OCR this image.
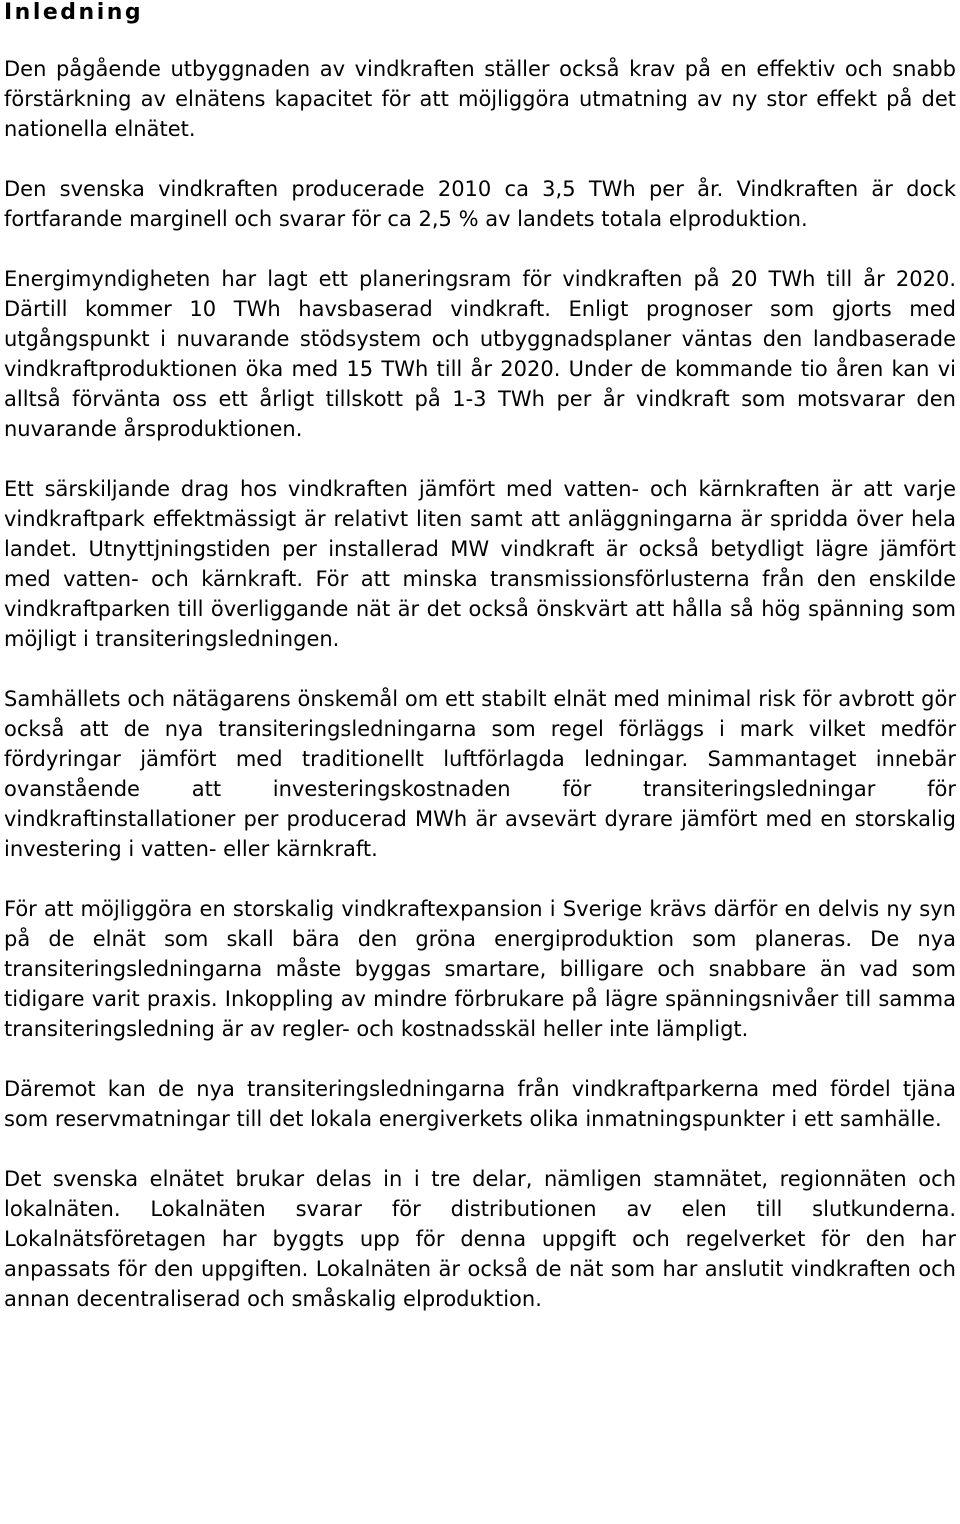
Inledning

Den pågående utbyggnaden av vindkraften ställer också krav på en effektiv och snabb förstärkning av elnätens kapacitet för att möjliggöra utmatning av ny stor effekt på det nationella elnätet.

Den svenska vindkraften producerade 2010 ca 3,5 TWh per år. Vindkraften är dock fortfarande marginell och svarar för ca 2,5 % av landets totala elproduktion.

Energimyndigheten har lagt ett planeringsram för vindkraften på 20 TWh till år 2020. Därtill kommer 10 TWh havsbaserad vindkraft. Enligt prognoser som gjorts med utgångspunkt i nuvarande stödsystem och utbyggnadsplaner väntas den landbaserade vindkraftproduktionen öka med 15 TWh till år 2020. Under de kommande tio åren kan vi alltså förvänta oss ett årligt tillskott på 1-3 TWh per år vindkraft som motsvarar den nuvarande årsproduktionen.

Ett särskiljande drag hos vindkraften jämfört med vatten- och kärnkraften är att varje vindkraftpark effektmässigt är relativt liten samt att anläggningarna är spridda över hela landet. Utnyttjningstiden per installerad MW vindkraft är också betydligt lägre jämfört med vatten- och kärnkraft. För att minska transmissionsförlusterna från den enskilde vindkraftparken till överliggande nät är det också önskvärt att hålla så hög spänning som möjligt i transiteringsledningen.

Samhällets och nätägarens önskemål om ett stabilt elnät med minimal risk för avbrott gör också att de nya transiteringsledningarna som regel förläggs i mark vilket medför fördyringar jämfört med traditionellt luftförlagda ledningar. Sammantaget innebär ovanstående att investeringskostnaden för transiteringsledningar för vindkraftinstallationer per producerad MWh är avsevärt dyrare jämfört med en storskalig investering i vatten- eller kärnkraft.

För att möjliggöra en storskalig vindkraftexpansion i Sverige krävs därför en delvis ny syn på de elnät som skall bära den gröna energiproduktion som planeras. De nya transiteringsledningarna måste byggas smartare, billigare och snabbare än vad som tidigare varit praxis. Inkoppling av mindre förbrukare på lägre spänningsnivåer till samma transiteringsledning är av regler- och kostnadsskäl heller inte lämpligt.

Däremot kan de nya transiteringsledningarna från vindkraftparkerna med fördel tjäna som reservmatningar till det lokala energiverkets olika inmatningspunkter i ett samhälle.

Det svenska elnätet brukar delas in i tre delar, nämligen stamnätet, regionnäten och lokalnäten. Lokalnäten svarar för distributionen av elen till slutkunderna. Lokalnätsföretagen har byggts upp för denna uppgift och regelverket för den har anpassats för den uppgiften. Lokalnäten är också de nät som har anslutit vindkraften och annan decentraliserad och småskalig elproduktion.
